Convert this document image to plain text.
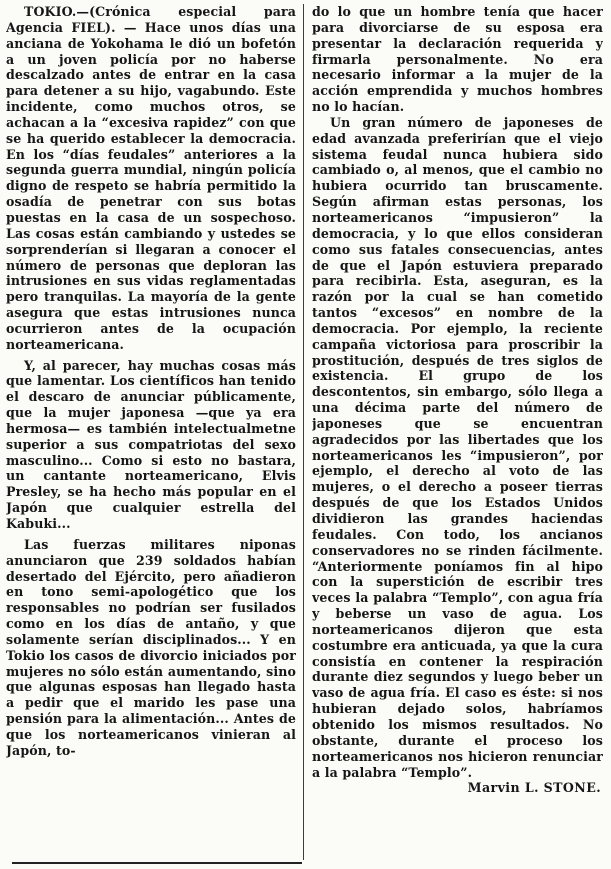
TOKIO.—(Crónica especial para Agencia FIEL). — Hace unos días una anciana de Yokohama le dió un bofetón a un joven policía por no haberse descalzado antes de entrar en la casa para detener a su hijo, vagabundo. Este incidente, como muchos otros, se achacan a la “excesiva rapidez” con que se ha querido establecer la democracia. En los “días feudales” anteriores a la segunda guerra mundial, ningún policía digno de respeto se habría permitido la osadía de penetrar con sus botas puestas en la casa de un sospechoso. Las cosas están cambiando y ustedes se sorprenderían si llegaran a conocer el número de personas que deploran las intrusiones en sus vidas reglamentadas pero tranquilas. La mayoría de la gente asegura que estas intrusiones nunca ocurrieron antes de la ocupación norteamericana.

Y, al parecer, hay muchas cosas más que lamentar. Los científicos han tenido el descaro de anunciar públicamente, que la mujer japonesa —que ya era hermosa— es también intelectualmetne superior a sus compatriotas del sexo masculino... Como si esto no bastara, un cantante norteamericano, Elvis Presley, se ha hecho más popular en el Japón que cualquier estrella del Kabuki...

Las fuerzas militares niponas anunciaron que 239 soldados habían desertado del Ejército, pero añadieron en tono semi-apologético que los responsables no podrían ser fusilados como en los días de antaño, y que solamente serían disciplinados... Y en Tokio los casos de divorcio iniciados por mujeres no sólo están aumentando, sino que algunas esposas han llegado hasta a pedir que el marido les pase una pensión para la alimentación... Antes de que los norteamericanos vinieran al Japón, to-

do lo que un hombre tenía que hacer para divorciarse de su esposa era presentar la declaración requerida y firmarla personalmente. No era necesario informar a la mujer de la acción emprendida y muchos hombres no lo hacían.

Un gran número de japoneses de edad avanzada preferirían que el viejo sistema feudal nunca hubiera sido cambiado o, al menos, que el cambio no hubiera ocurrido tan bruscamente. Según afirman estas personas, los norteamericanos “impusieron” la democracia, y lo que ellos consideran como sus fatales consecuencias, antes de que el Japón estuviera preparado para recibirla. Esta, aseguran, es la razón por la cual se han cometido tantos “excesos” en nombre de la democracia. Por ejemplo, la reciente campaña victoriosa para proscribir la prostitución, después de tres siglos de existencia. El grupo de los descontentos, sin embargo, sólo llega a una décima parte del número de japoneses que se encuentran agradecidos por las libertades que los norteamericanos les “impusieron”, por ejemplo, el derecho al voto de las mujeres, o el derecho a poseer tierras después de que los Estados Unidos dividieron las grandes haciendas feudales. Con todo, los ancianos conservadores no se rinden fácilmente. “Anteriormente poníamos fin al hipo con la superstición de escribir tres veces la palabra “Templo”, con agua fría y beberse un vaso de agua. Los norteamericanos dijeron que esta costumbre era anticuada, ya que la cura consistía en contener la respiración durante diez segundos y luego beber un vaso de agua fría. El caso es éste: si nos hubieran dejado solos, habríamos obtenido los mismos resultados. No obstante, durante el proceso los norteamericanos nos hicieron renunciar a la palabra “Templo”.

Marvin L. STONE.
